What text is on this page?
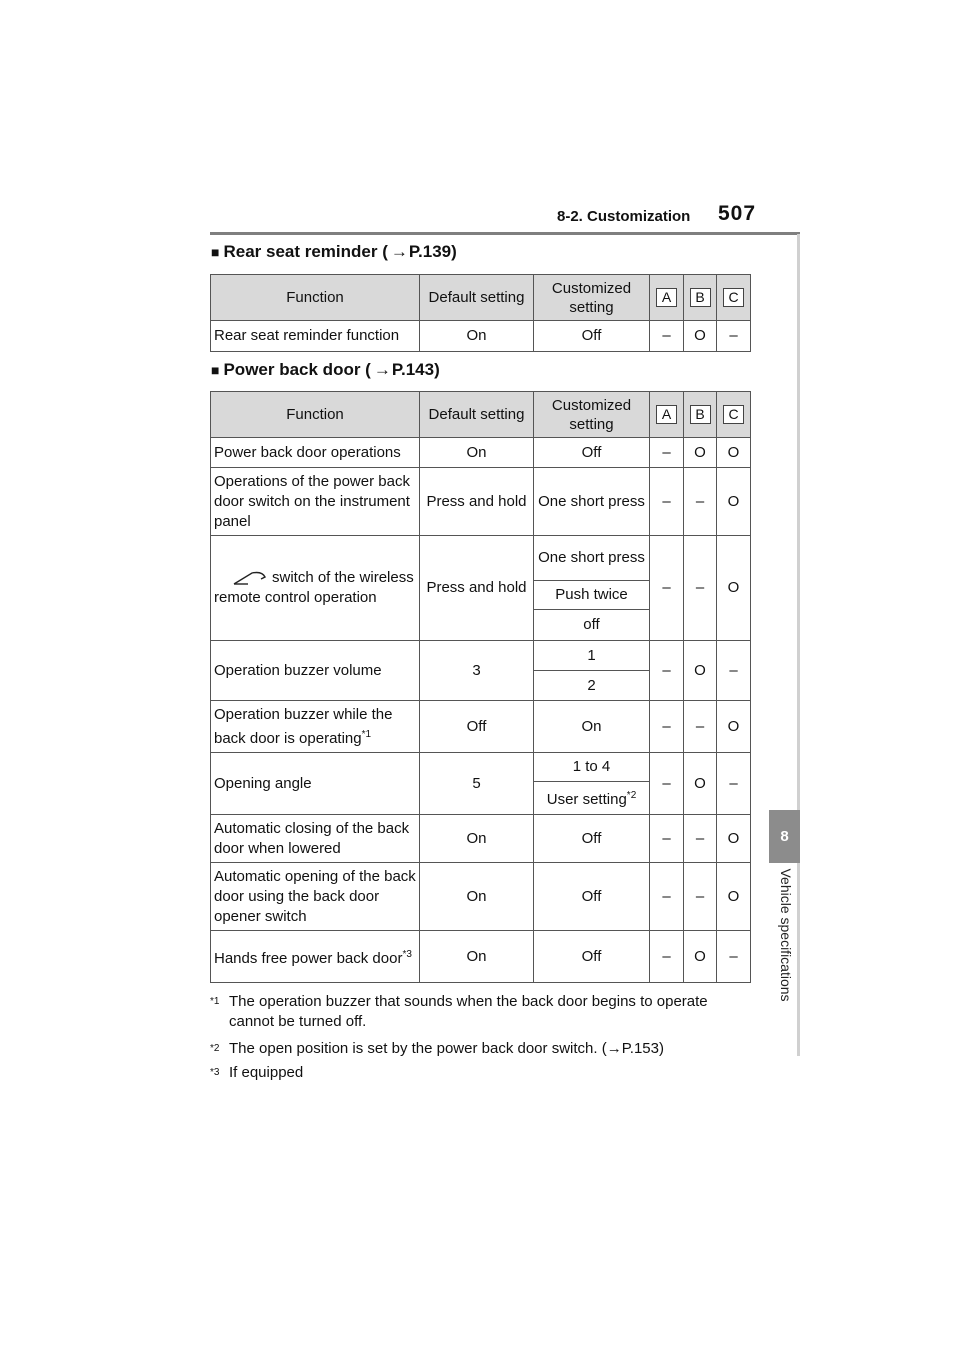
8-2. Customization 507
8
Vehicle specifications
■ Rear seat reminder ( → P.139)
Function	Default setting	Customized setting	A	B	C
Rear seat reminder function	On	Off	–	O	–
■ Power back door ( → P.143)
Function	Default setting	Customized setting	A	B	C
Power back door operations	On	Off	–	O	O
Operations of the power back door switch on the instrument panel	Press and hold	One short press	–	–	O
switch of the wireless remote control operation	Press and hold	One short press	–	–	O
		Push twice			
		off			
Operation buzzer volume	3	1	–	O	–
		2			
Operation buzzer while the back door is operating$^{*1}$	Off	On	–	–	O
Opening angle	5	1 to 4	–	O	–
		User setting$^{*2}$
Automatic closing of the back door when lowered	On	Off	–	–	O
Automatic opening of the back door using the back door opener switch	On	Off	–	–	O
Hands free power back door$^{*3}$	On	Off	–	O	–
*1 The operation buzzer that sounds when the back door begins to operate cannot be turned off.
*2 The open position is set by the power back door switch. (→P.153)
*3 If equipped
